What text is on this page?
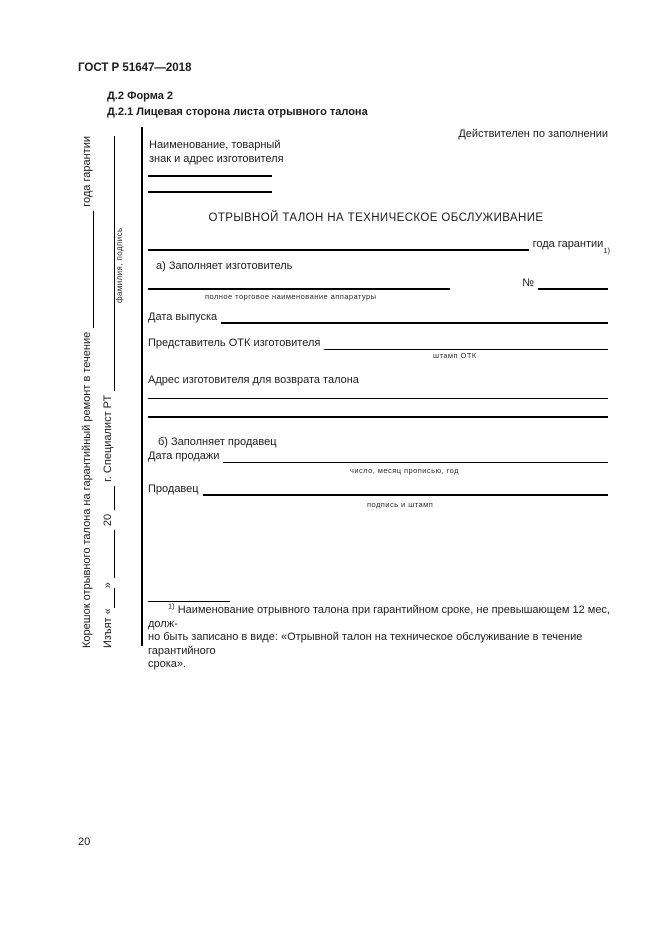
ГОСТ Р 51647—2018
Д.2 Форма 2
Д.2.1 Лицевая сторона листа отрывного талона
Действителен по заполнении
Корешок отрывного талона на гарантийный ремонт в течение
года гарантии
Изъят «
»
20
г. Специалист РТ
фамилия, подпись
Наименование, товарный
знак и адрес изготовителя
ОТРЫВНОЙ ТАЛОН НА ТЕХНИЧЕСКОЕ ОБСЛУЖИВАНИЕ
года гарантии
1)
а) Заполняет изготовитель
№
полное торговое наименование аппаратуры
Дата выпуска
Представитель ОТК изготовителя
штамп ОТК
Адрес изготовителя для возврата талона
б) Заполняет продавец
Дата продажи
число, месяц прописью, год
Продавец
подпись и штамп
$^{1)}$ Наименование отрывного талона при гарантийном сроке, не превышающем 12 мес, долж-
но быть записано в виде: «Отрывной талон на техническое обслуживание в течение гарантийного
срока».
20
